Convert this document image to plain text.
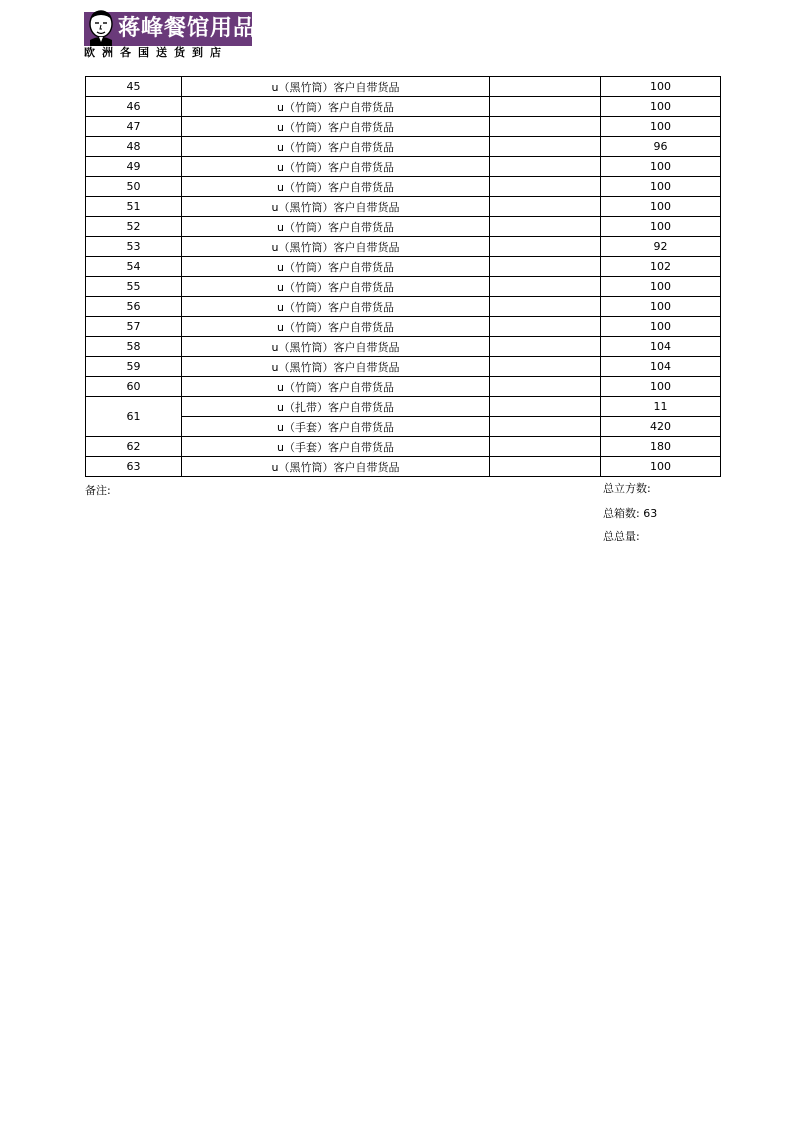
蒋峰餐馆用品
欧洲各国送货到店
45	u（黑竹筒）客户自带货品		100
46	u（竹筒）客户自带货品		100
47	u（竹筒）客户自带货品		100
48	u（竹筒）客户自带货品		96
49	u（竹筒）客户自带货品		100
50	u（竹筒）客户自带货品		100
51	u（黑竹筒）客户自带货品		100
52	u（竹筒）客户自带货品		100
53	u（黑竹筒）客户自带货品		92
54	u（竹筒）客户自带货品		102
55	u（竹筒）客户自带货品		100
56	u（竹筒）客户自带货品		100
57	u（竹筒）客户自带货品		100
58	u（黑竹筒）客户自带货品		104
59	u（黑竹筒）客户自带货品		104
60	u（竹筒）客户自带货品		100
61	u（扎带）客户自带货品		11
	u（手套）客户自带货品		420
62	u（手套）客户自带货品		180
63	u（黑竹筒）客户自带货品		100
备注:	总立方数:
总箱数: 63
总总量:
